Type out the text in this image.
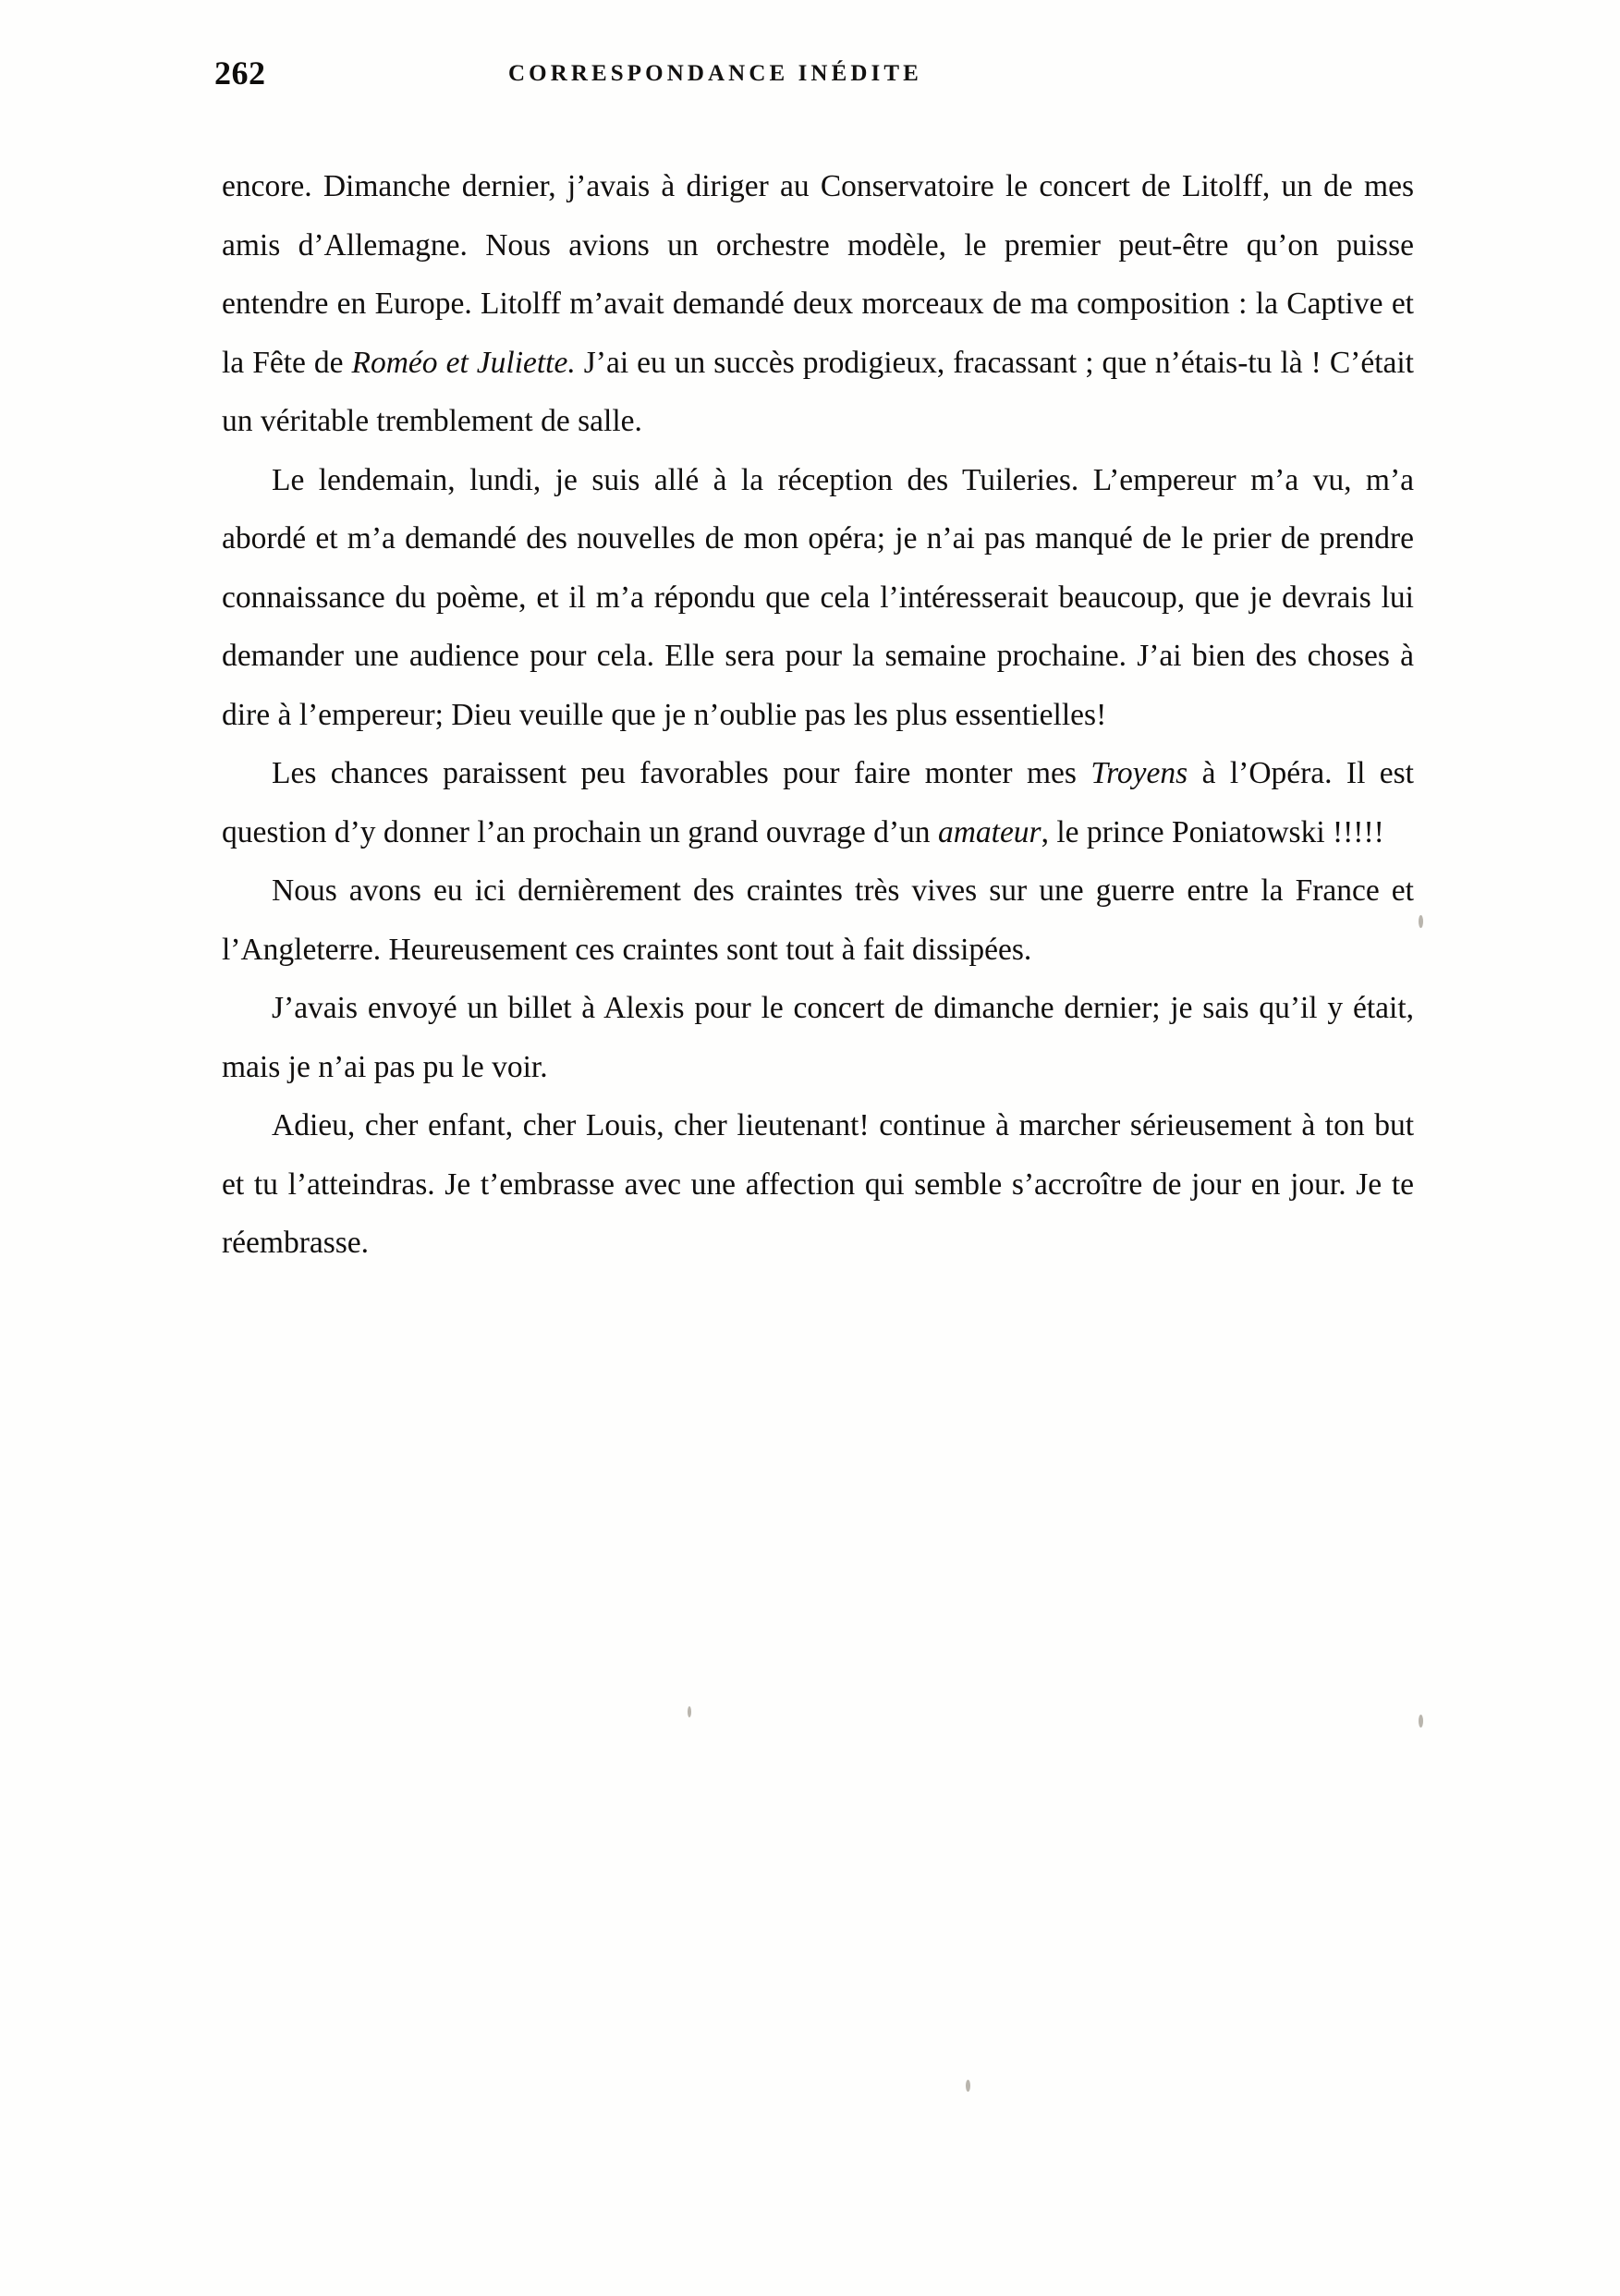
262	CORRESPONDANCE INÉDITE

encore. Dimanche dernier, j’avais à diriger au Conservatoire le concert de Litolff, un de mes amis d’Allemagne. Nous avions un orchestre modèle, le premier peut-être qu’on puisse entendre en Europe. Litolff m’avait demandé deux morceaux de ma composition : la Captive et la Fête de Roméo et Juliette. J’ai eu un succès prodigieux, fracassant ; que n’étais-tu là ! C’était un véritable tremblement de salle.

Le lendemain, lundi, je suis allé à la réception des Tuileries. L’empereur m’a vu, m’a abordé et m’a demandé des nouvelles de mon opéra; je n’ai pas manqué de le prier de prendre connaissance du poème, et il m’a répondu que cela l’intéresserait beaucoup, que je devrais lui demander une audience pour cela. Elle sera pour la semaine prochaine. J’ai bien des choses à dire à l’empereur; Dieu veuille que je n’oublie pas les plus essentielles!

Les chances paraissent peu favorables pour faire monter mes Troyens à l’Opéra. Il est question d’y donner l’an prochain un grand ouvrage d’un amateur, le prince Poniatowski !!!!!

Nous avons eu ici dernièrement des craintes très vives sur une guerre entre la France et l’Angleterre. Heureusement ces craintes sont tout à fait dissipées.

J’avais envoyé un billet à Alexis pour le concert de dimanche dernier; je sais qu’il y était, mais je n’ai pas pu le voir.

Adieu, cher enfant, cher Louis, cher lieutenant! continue à marcher sérieusement à ton but et tu l’atteindras. Je t’embrasse avec une affection qui semble s’accroître de jour en jour. Je te réembrasse.
